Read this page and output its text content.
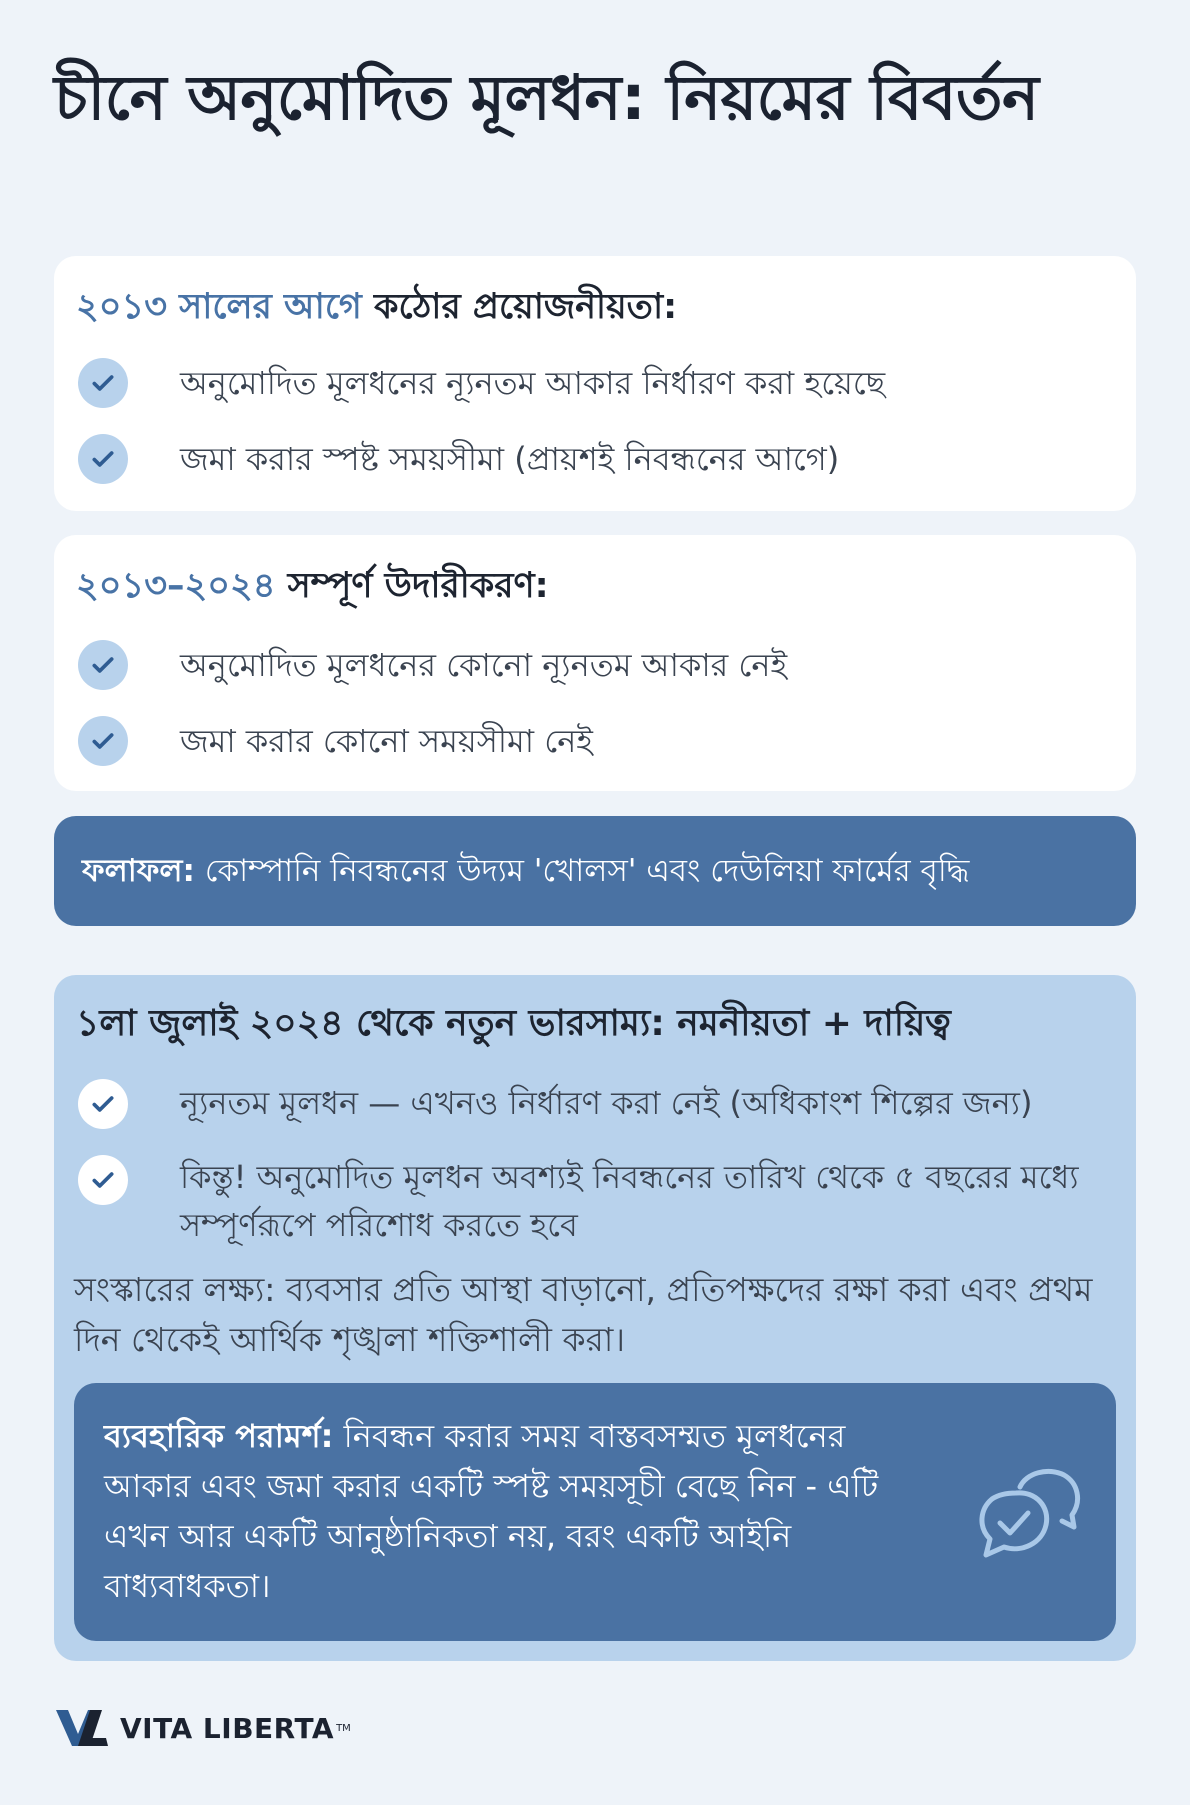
চীনে অনুমোদিত মূলধন: নিয়মের বিবর্তন
২০১৩ সালের আগে কঠোর প্রয়োজনীয়তা:
অনুমোদিত মূলধনের ন্যূনতম আকার নির্ধারণ করা হয়েছে
জমা করার স্পষ্ট সময়সীমা (প্রায়শই নিবন্ধনের আগে)
২০১৩–২০২৪ সম্পূর্ণ উদারীকরণ:
অনুমোদিত মূলধনের কোনো ন্যূনতম আকার নেই
জমা করার কোনো সময়সীমা নেই
ফলাফল: কোম্পানি নিবন্ধনের উদ্যম 'খোলস' এবং দেউলিয়া ফার্মের বৃদ্ধি
১লা জুলাই ২০২৪ থেকে নতুন ভারসাম্য: নমনীয়তা + দায়িত্ব
ন্যূনতম মূলধন — এখনও নির্ধারণ করা নেই (অধিকাংশ শিল্পের জন্য)
কিন্তু! অনুমোদিত মূলধন অবশ্যই নিবন্ধনের তারিখ থেকে ৫ বছরের মধ্যে সম্পূর্ণরূপে পরিশোধ করতে হবে

সংস্কারের লক্ষ্য: ব্যবসার প্রতি আস্থা বাড়ানো, প্রতিপক্ষদের রক্ষা করা এবং প্রথম দিন থেকেই আর্থিক শৃঙ্খলা শক্তিশালী করা।

ব্যবহারিক পরামর্শ: নিবন্ধন করার সময় বাস্তবসম্মত মূলধনের আকার এবং জমা করার একটি স্পষ্ট সময়সূচী বেছে নিন - এটি এখন আর একটি আনুষ্ঠানিকতা নয়, বরং একটি আইনি বাধ্যবাধকতা।

VITA LIBERTA TM
